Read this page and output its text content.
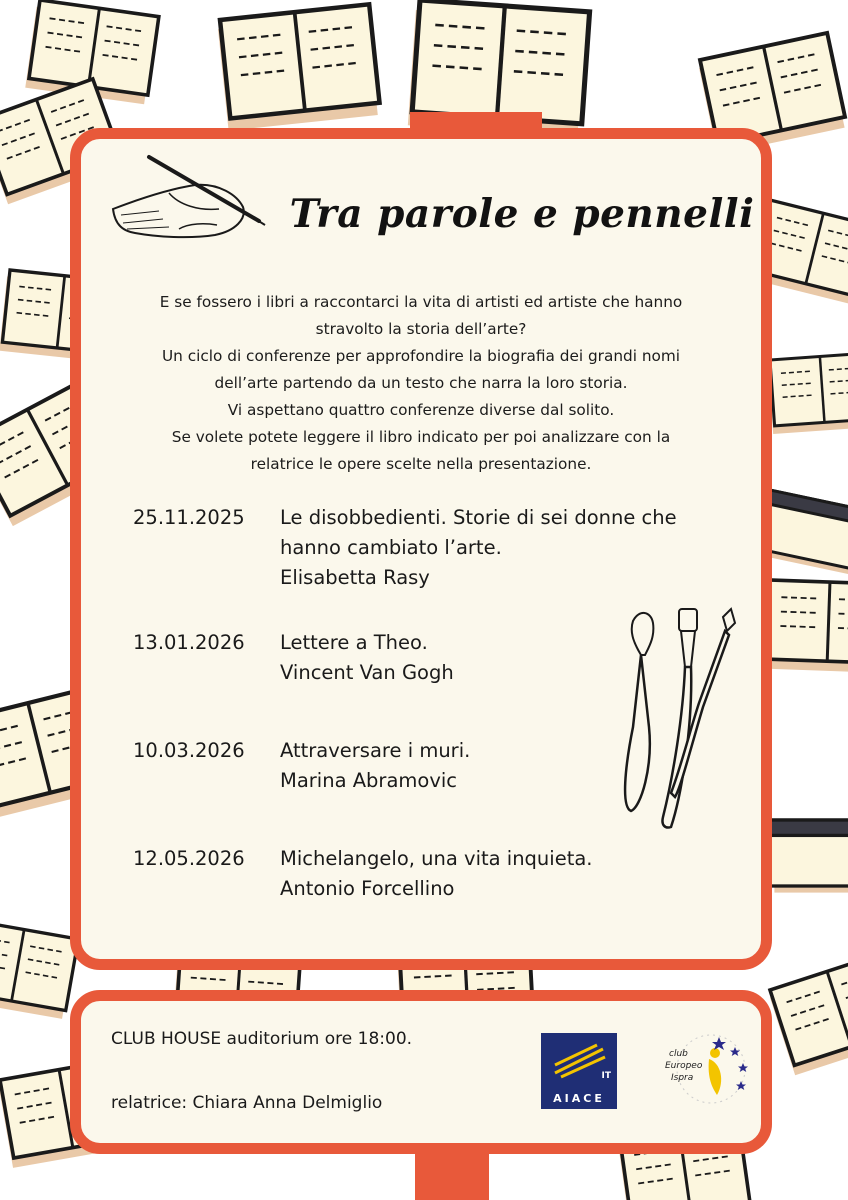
Tra parole e pennelli
E se fossero i libri a raccontarci la vita di artisti ed artiste che hanno
stravolto la storia dell’arte?
Un ciclo di conferenze per approfondire la biografia dei grandi nomi
dell’arte partendo da un testo che narra la loro storia.
Vi aspettano quattro conferenze diverse dal solito.
Se volete potete leggere il libro indicato per poi analizzare con la
relatrice le opere scelte nella presentazione.
25.11.2025 Le disobbedienti. Storie di sei donne che
hanno cambiato l’arte.
Elisabetta Rasy
13.01.2026 Lettere a Theo.
Vincent Van Gogh
10.03.2026 Attraversare i muri.
Marina Abramovic
12.05.2026 Michelangelo, una vita inquieta.
Antonio Forcellino
CLUB HOUSE auditorium ore 18:00.
relatrice: Chiara Anna Delmiglio
IT
AIACE
club
Europeo
Ispra
